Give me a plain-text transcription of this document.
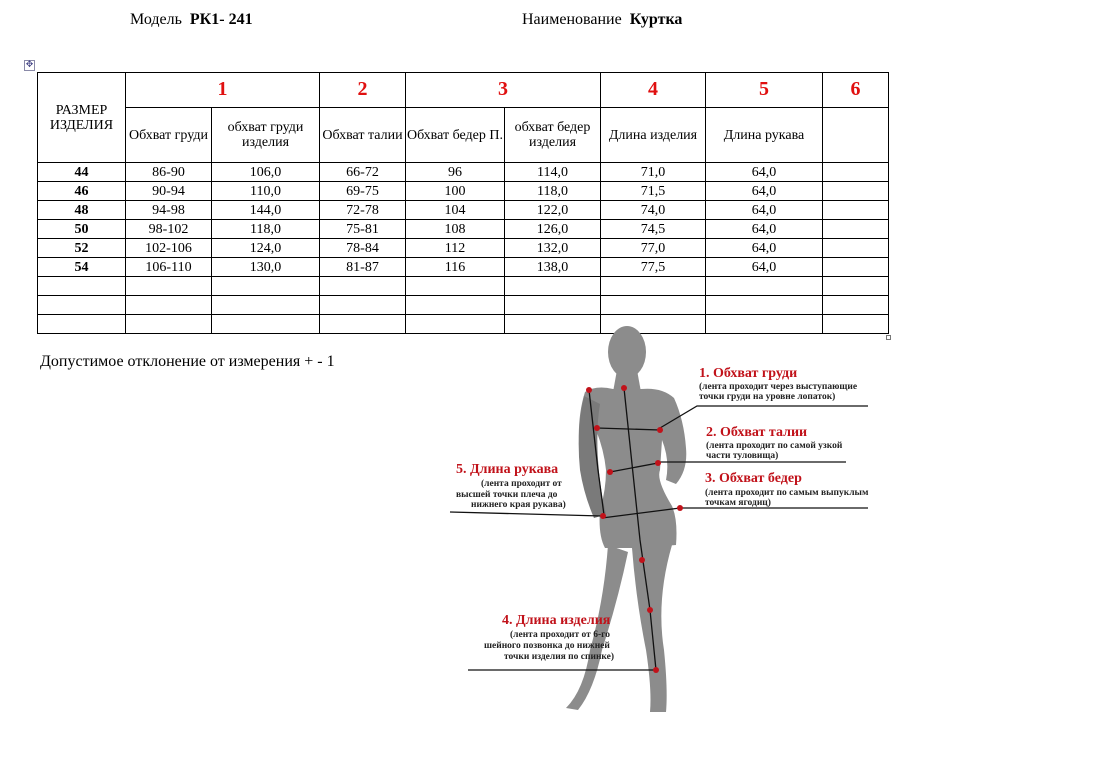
Модель РК1- 241	Наименование Куртка
✥
РАЗМЕР ИЗДЕЛИЯ	1		2	3		4	5	6
	Обхват груди	обхват груди изделия	Обхват талии	Обхват бедер П.	обхват бедер изделия	Длина изделия	Длина рукава	
44	86-90	106,0	66-72	96	114,0	71,0	64,0	
46	90-94	110,0	69-75	100	118,0	71,5	64,0	
48	94-98	144,0	72-78	104	122,0	74,0	64,0	
50	98-102	118,0	75-81	108	126,0	74,5	64,0	
52	102-106	124,0	78-84	112	132,0	77,0	64,0	
54	106-110	130,0	81-87	116	138,0	77,5	64,0	

Допустимое отклонение от измерения + - 1
1. Обхват груди
(лента проходит через выступающие
точки груди на уровне лопаток)
2. Обхват талии
(лента проходит по самой узкой
части туловища)
3. Обхват бедер
(лента проходит по самым выпуклым
точкам ягодиц)
5. Длина рукава
(лента проходит от
высшей точки плеча до
нижнего края рукава)
4. Длина изделия
(лента проходит от 6-го
шейного позвонка до нижней
точки изделия по спинке)
